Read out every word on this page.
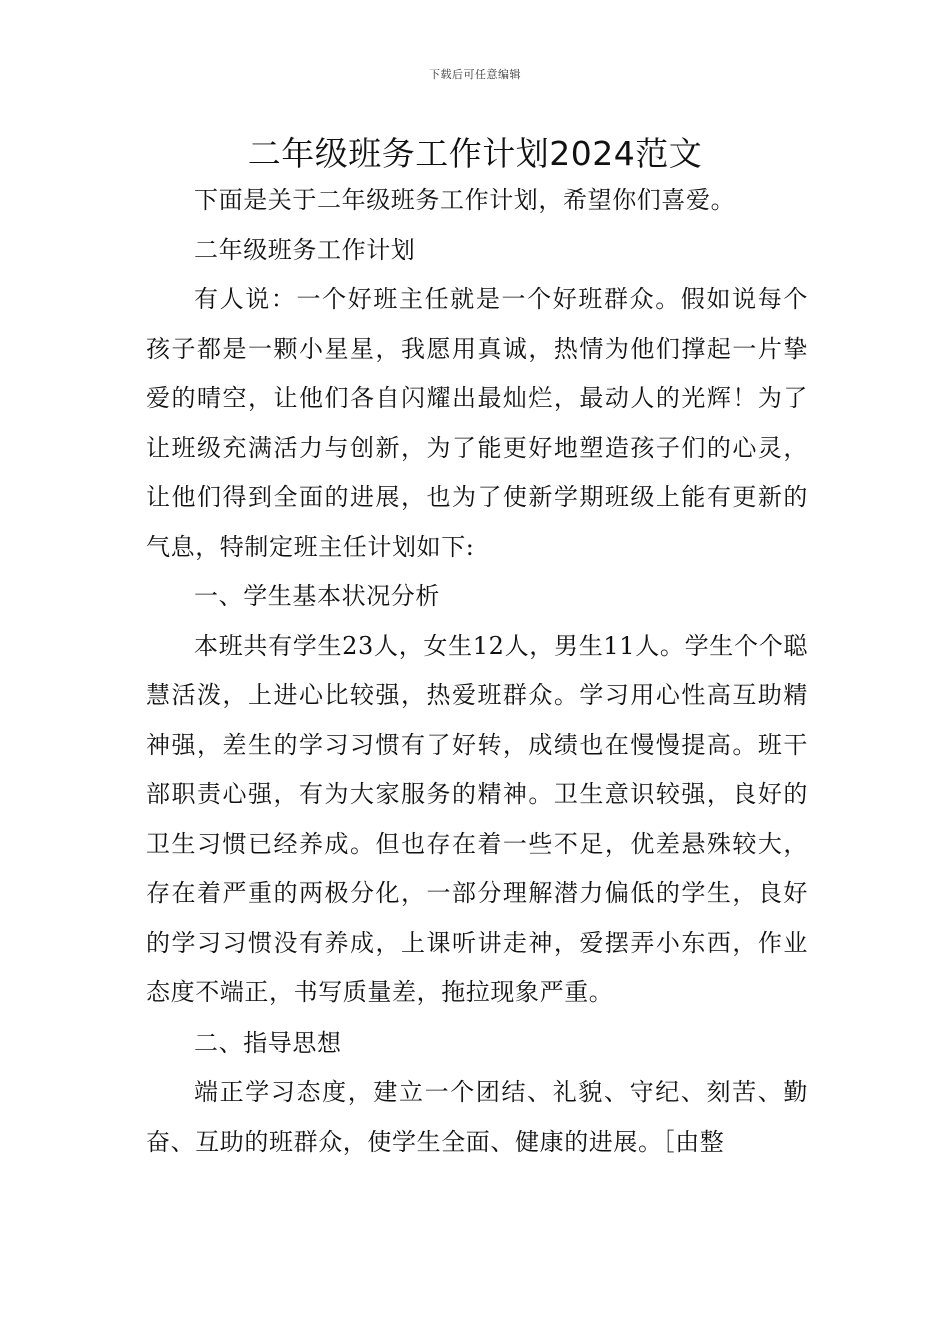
下载后可任意编辑
二年级班务工作计划2024范文

下面是关于二年级班务工作计划，希望你们喜爱。

二年级班务工作计划

有人说：一个好班主任就是一个好班群众。假如说每个孩子都是一颗小星星，我愿用真诚，热情为他们撑起一片挚爱的晴空，让他们各自闪耀出最灿烂，最动人的光辉！为了让班级充满活力与创新，为了能更好地塑造孩子们的心灵，让他们得到全面的进展，也为了使新学期班级上能有更新的气息，特制定班主任计划如下:

一、学生基本状况分析

本班共有学生23人，女生12人，男生11人。学生个个聪慧活泼，上进心比较强，热爱班群众。学习用心性高互助精神强，差生的学习习惯有了好转，成绩也在慢慢提高。班干部职责心强，有为大家服务的精神。卫生意识较强，良好的卫生习惯已经养成。但也存在着一些不足，优差悬殊较大，存在着严重的两极分化，一部分理解潜力偏低的学生，良好的学习习惯没有养成，上课听讲走神，爱摆弄小东西，作业态度不端正，书写质量差，拖拉现象严重。

二、指导思想

端正学习态度，建立一个团结、礼貌、守纪、刻苦、勤奋、互助的班群众，使学生全面、健康的进展。［由整
